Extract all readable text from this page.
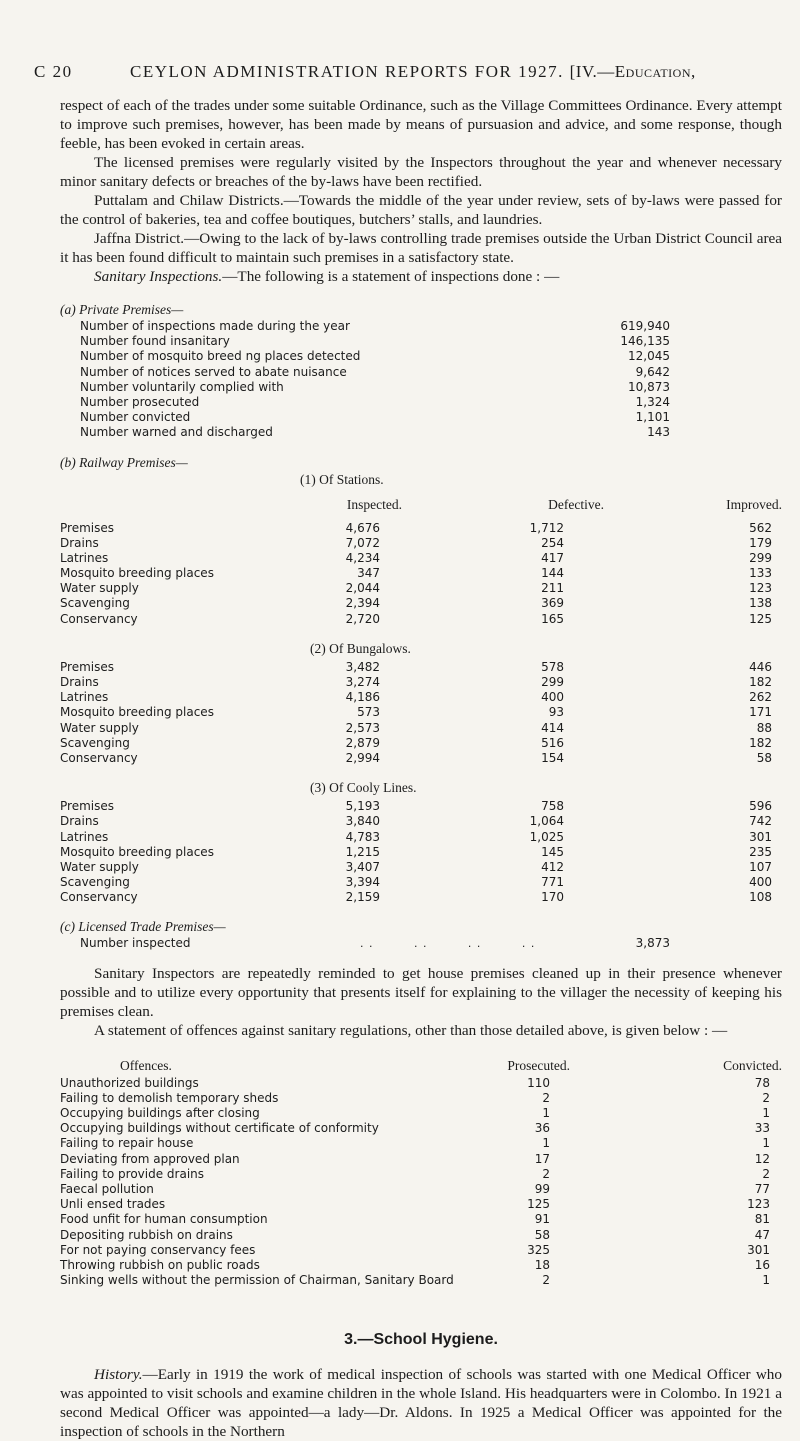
C 20	CEYLON ADMINISTRATION REPORTS FOR 1927. [IV.—Education,

respect of each of the trades under some suitable Ordinance, such as the Village Committees Ordinance. Every attempt to improve such premises, however, has been made by means of pursuasion and advice, and some response, though feeble, has been evoked in certain areas.

The licensed premises were regularly visited by the Inspectors throughout the year and whenever necessary minor sanitary defects or breaches of the by-laws have been rectified.

Puttalam and Chilaw Districts.—Towards the middle of the year under review, sets of by-laws were passed for the control of bakeries, tea and coffee boutiques, butchers’ stalls, and laundries.

Jaffna District.—Owing to the lack of by-laws controlling trade premises outside the Urban District Council area it has been found difficult to maintain such premises in a satisfactory state.

Sanitary Inspections.—The following is a statement of inspections done : —

(a) Private Premises—
Number of inspections made during the year	619,940
Number found insanitary	146,135
Number of mosquito breed ng places detected	12,045
Number of notices served to abate nuisance	9,642
Number voluntarily complied with	10,873
Number prosecuted	1,324
Number convicted	1,101
Number warned and discharged	143
(b) Railway Premises—
(1) Of Stations.
Inspected.	Defective.	Improved.
Premises	4,676	1,712	562
Drains	7,072	254	179
Latrines	4,234	417	299
Mosquito breeding places	347	144	133
Water supply	2,044	211	123
Scavenging	2,394	369	138
Conservancy	2,720	165	125
(2) Of Bungalows.
Premises	3,482	578	446
Drains	3,274	299	182
Latrines	4,186	400	262
Mosquito breeding places	573	93	171
Water supply	2,573	414	88
Scavenging	2,879	516	182
Conservancy	2,994	154	58
(3) Of Cooly Lines.
Premises	5,193	758	596
Drains	3,840	1,064	742
Latrines	4,783	1,025	301
Mosquito breeding places	1,215	145	235
Water supply	3,407	412	107
Scavenging	3,394	771	400
Conservancy	2,159	170	108
(c) Licensed Trade Premises—
Number inspected	. .         . .         . .         . .	3,873

Sanitary Inspectors are repeatedly reminded to get house premises cleaned up in their presence whenever possible and to utilize every opportunity that presents itself for explaining to the villager the necessity of keeping his premises clean.

A statement of offences against sanitary regulations, other than those detailed above, is given below : —

Offences.	Prosecuted.	Convicted.
Unauthorized buildings	110	78
Failing to demolish temporary sheds	2	2
Occupying buildings after closing	1	1
Occupying buildings without certificate of conformity	36	33
Failing to repair house	1	1
Deviating from approved plan	17	12
Failing to provide drains	2	2
Faecal pollution	99	77
Unli ensed trades	125	123
Food unfit for human consumption	91	81
Depositing rubbish on drains	58	47
For not paying conservancy fees	325	301
Throwing rubbish on public roads	18	16
Sinking wells without the permission of Chairman, Sanitary Board	2	1
3.—School Hygiene.

History.—Early in 1919 the work of medical inspection of schools was started with one Medical Officer who was appointed to visit schools and examine children in the whole Island. His headquarters were in Colombo. In 1921 a second Medical Officer was appointed—a lady—Dr. Aldons. In 1925 a Medical Officer was appointed for the inspection of schools in the Northern
